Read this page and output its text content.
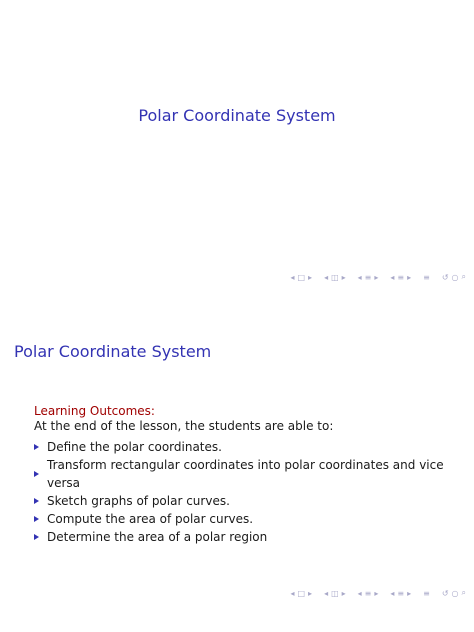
Polar Coordinate System
◂ □ ▸ ◂ ◫ ▸ ◂ ≡ ▸ ◂ ≡ ▸ ≡ ↺ ○ ⌕
Polar Coordinate System
Learning Outcomes:
At the end of the lesson, the students are able to:
Define the polar coordinates.
Transform rectangular coordinates into polar coordinates and vice versa
Sketch graphs of polar curves.
Compute the area of polar curves.
Determine the area of a polar region
◂ □ ▸ ◂ ◫ ▸ ◂ ≡ ▸ ◂ ≡ ▸ ≡ ↺ ○ ⌕
